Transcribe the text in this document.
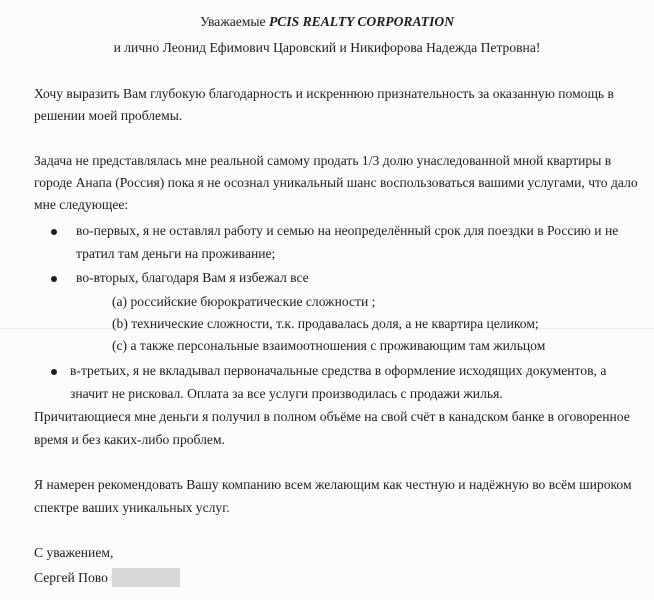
Уважаемые PCIS REALTY CORPORATION
и лично Леонид Ефимович Царовский и Никифорова Надежда Петровна!
Хочу выразить Вам глубокую благодарность и искреннюю признательность за оказанную помощь в
решении моей проблемы.
Задача не представлялась мне реальной самому продать 1/3 долю унаследованной мной квартиры в
городе Анапа (Россия) пока я не осознал уникальный шанс воспользоваться вашими услугами, что дало
мне следующее:
во-первых, я не оставлял работу и семью на неопределённый срок для поездки в Россию и не
тратил там деньги на проживание;
во-вторых, благодаря Вам я избежал все
(a) российские бюрократические сложности ;
(b) технические сложности, т.к. продавалась доля, а не квартира целиком;
(c) а также персональные взаимоотношения с проживающим там жильцом
в-третьих, я не вкладывал первоначальные средства в оформление исходящих документов, а
значит не рисковал. Оплата за все услуги производилась с продажи жилья.
Причитающиеся мне деньги я получил в полном объёме на свой счёт в канадском банке в оговоренное
время и без каких-либо проблем.
Я намерен рекомендовать Вашу компанию всем желающим как честную и надёжную во всём широком
спектре ваших уникальных услуг.
С уважением,
Сергей Пово
